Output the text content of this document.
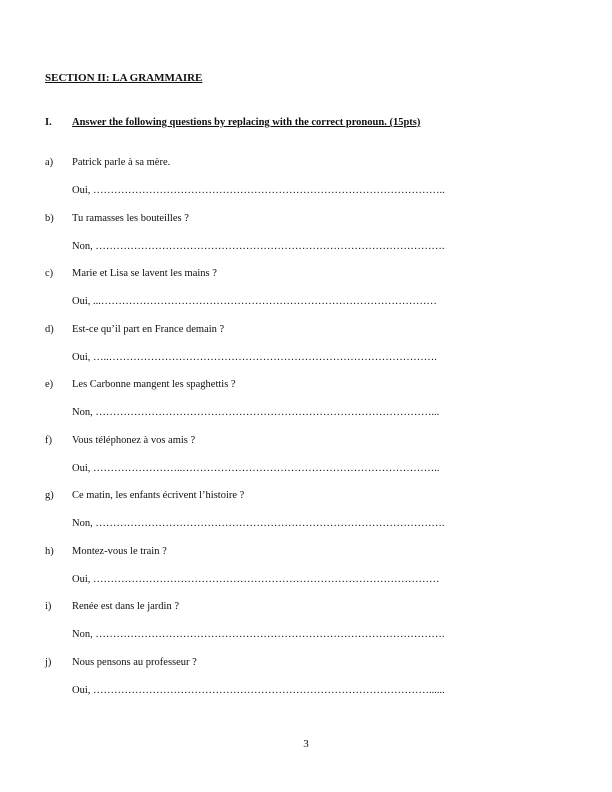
SECTION II: LA GRAMMAIRE
I. Answer the following questions by replacing with the correct pronoun. (15pts)
a) Patrick parle à sa mère.
Oui, ………………………………………………………………………………………..
b) Tu ramasses les bouteilles ?
Non, ……………………………………………………………………………………….
c) Marie et Lisa se lavent les mains ?
Oui, ...……………………………………………………………………………………
d) Est-ce qu’il part en France demain ?
Oui, …..………………………………………………………………………………….
e) Les Carbonne mangent les spaghettis ?
Non, ……………………………………………………………………………………...
f) Vous téléphonez à vos amis ?
Oui, ……………………..………………………………………………………………..
g) Ce matin, les enfants écrivent l’histoire ?
Non, ……………………………………………………………………………………….
h) Montez-vous le train ?
Oui, ………………………………………………………………………………………
i) Renée est dans le jardin ?
Non, ……………………………………………………………………………………….
j) Nous pensons au professeur ?
Oui, ……………………………………………………………………………………......
3
